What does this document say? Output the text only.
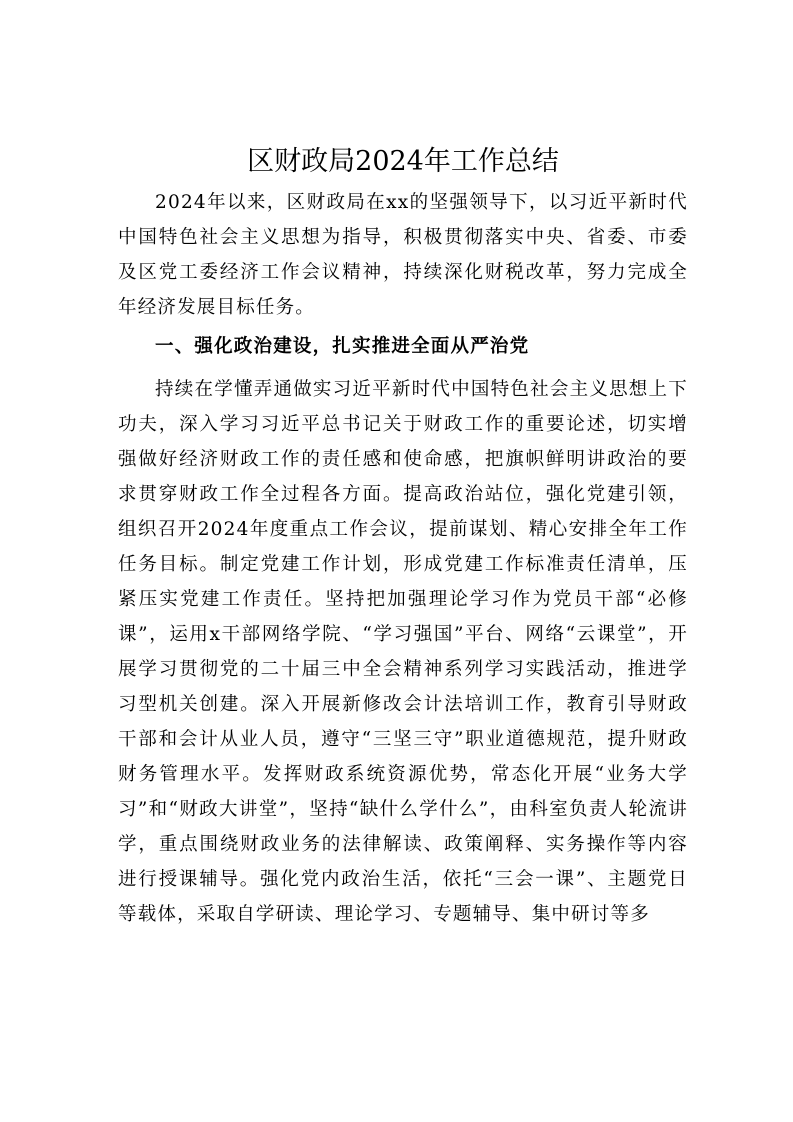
区财政局2024年工作总结

2024年以来，区财政局在xx的坚强领导下，以习近平新时代中国特色社会主义思想为指导，积极贯彻落实中央、省委、市委及区党工委经济工作会议精神，持续深化财税改革，努力完成全年经济发展目标任务。

一、强化政治建设，扎实推进全面从严治党

持续在学懂弄通做实习近平新时代中国特色社会主义思想上下功夫，深入学习习近平总书记关于财政工作的重要论述，切实增强做好经济财政工作的责任感和使命感，把旗帜鲜明讲政治的要求贯穿财政工作全过程各方面。提高政治站位，强化党建引领，组织召开2024年度重点工作会议，提前谋划、精心安排全年工作任务目标。制定党建工作计划，形成党建工作标准责任清单，压紧压实党建工作责任。坚持把加强理论学习作为党员干部“必修课”，运用x干部网络学院、“学习强国”平台、网络“云课堂”，开展学习贯彻党的二十届三中全会精神系列学习实践活动，推进学习型机关创建。深入开展新修改会计法培训工作，教育引导财政干部和会计从业人员，遵守“三坚三守”职业道德规范，提升财政财务管理水平。发挥财政系统资源优势，常态化开展“业务大学习”和“财政大讲堂”，坚持“缺什么学什么”，由科室负责人轮流讲学，重点围绕财政业务的法律解读、政策阐释、实务操作等内容进行授课辅导。强化党内政治生活，依托“三会一课”、主题党日等载体，采取自学研读、理论学习、专题辅导、集中研讨等多
